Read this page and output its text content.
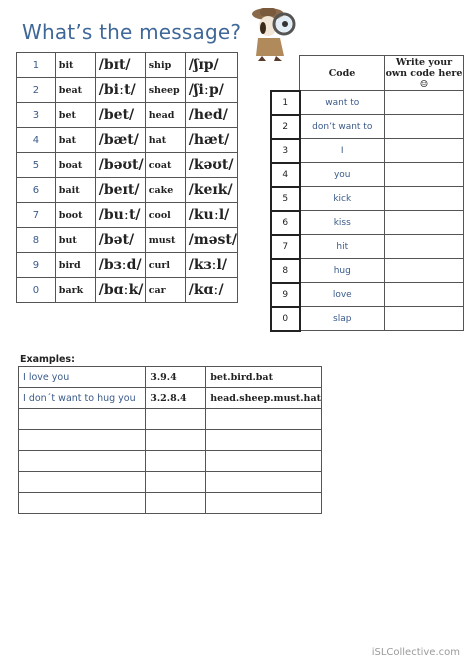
What’s the message?
1	bit	/bɪt/	ship	/ʃɪp/
2	beat	/biːt/	sheep	/ʃiːp/
3	bet	/bet/	head	/hed/
4	bat	/bæt/	hat	/hæt/
5	boat	/bəʊt/	coat	/kəʊt/
6	bait	/beɪt/	cake	/keɪk/
7	boot	/buːt/	cool	/kuːl/
8	but	/bət/	must	/məst/
9	bird	/bɜːd/	curl	/kɜːl/
0	bark	/bɑːk/	car	/kɑː/
	Code	Write your own code here ☺
1	want to	
2	don’t want to	
3	I	
4	you	
5	kick	
6	kiss	
7	hit	
8	hug	
9	love	
0	slap	
Examples:
I love you	3.9.4	bet.bird.bat
I don´t want to hug you	3.2.8.4	head.sheep.must.hat

iSLCollective.com
